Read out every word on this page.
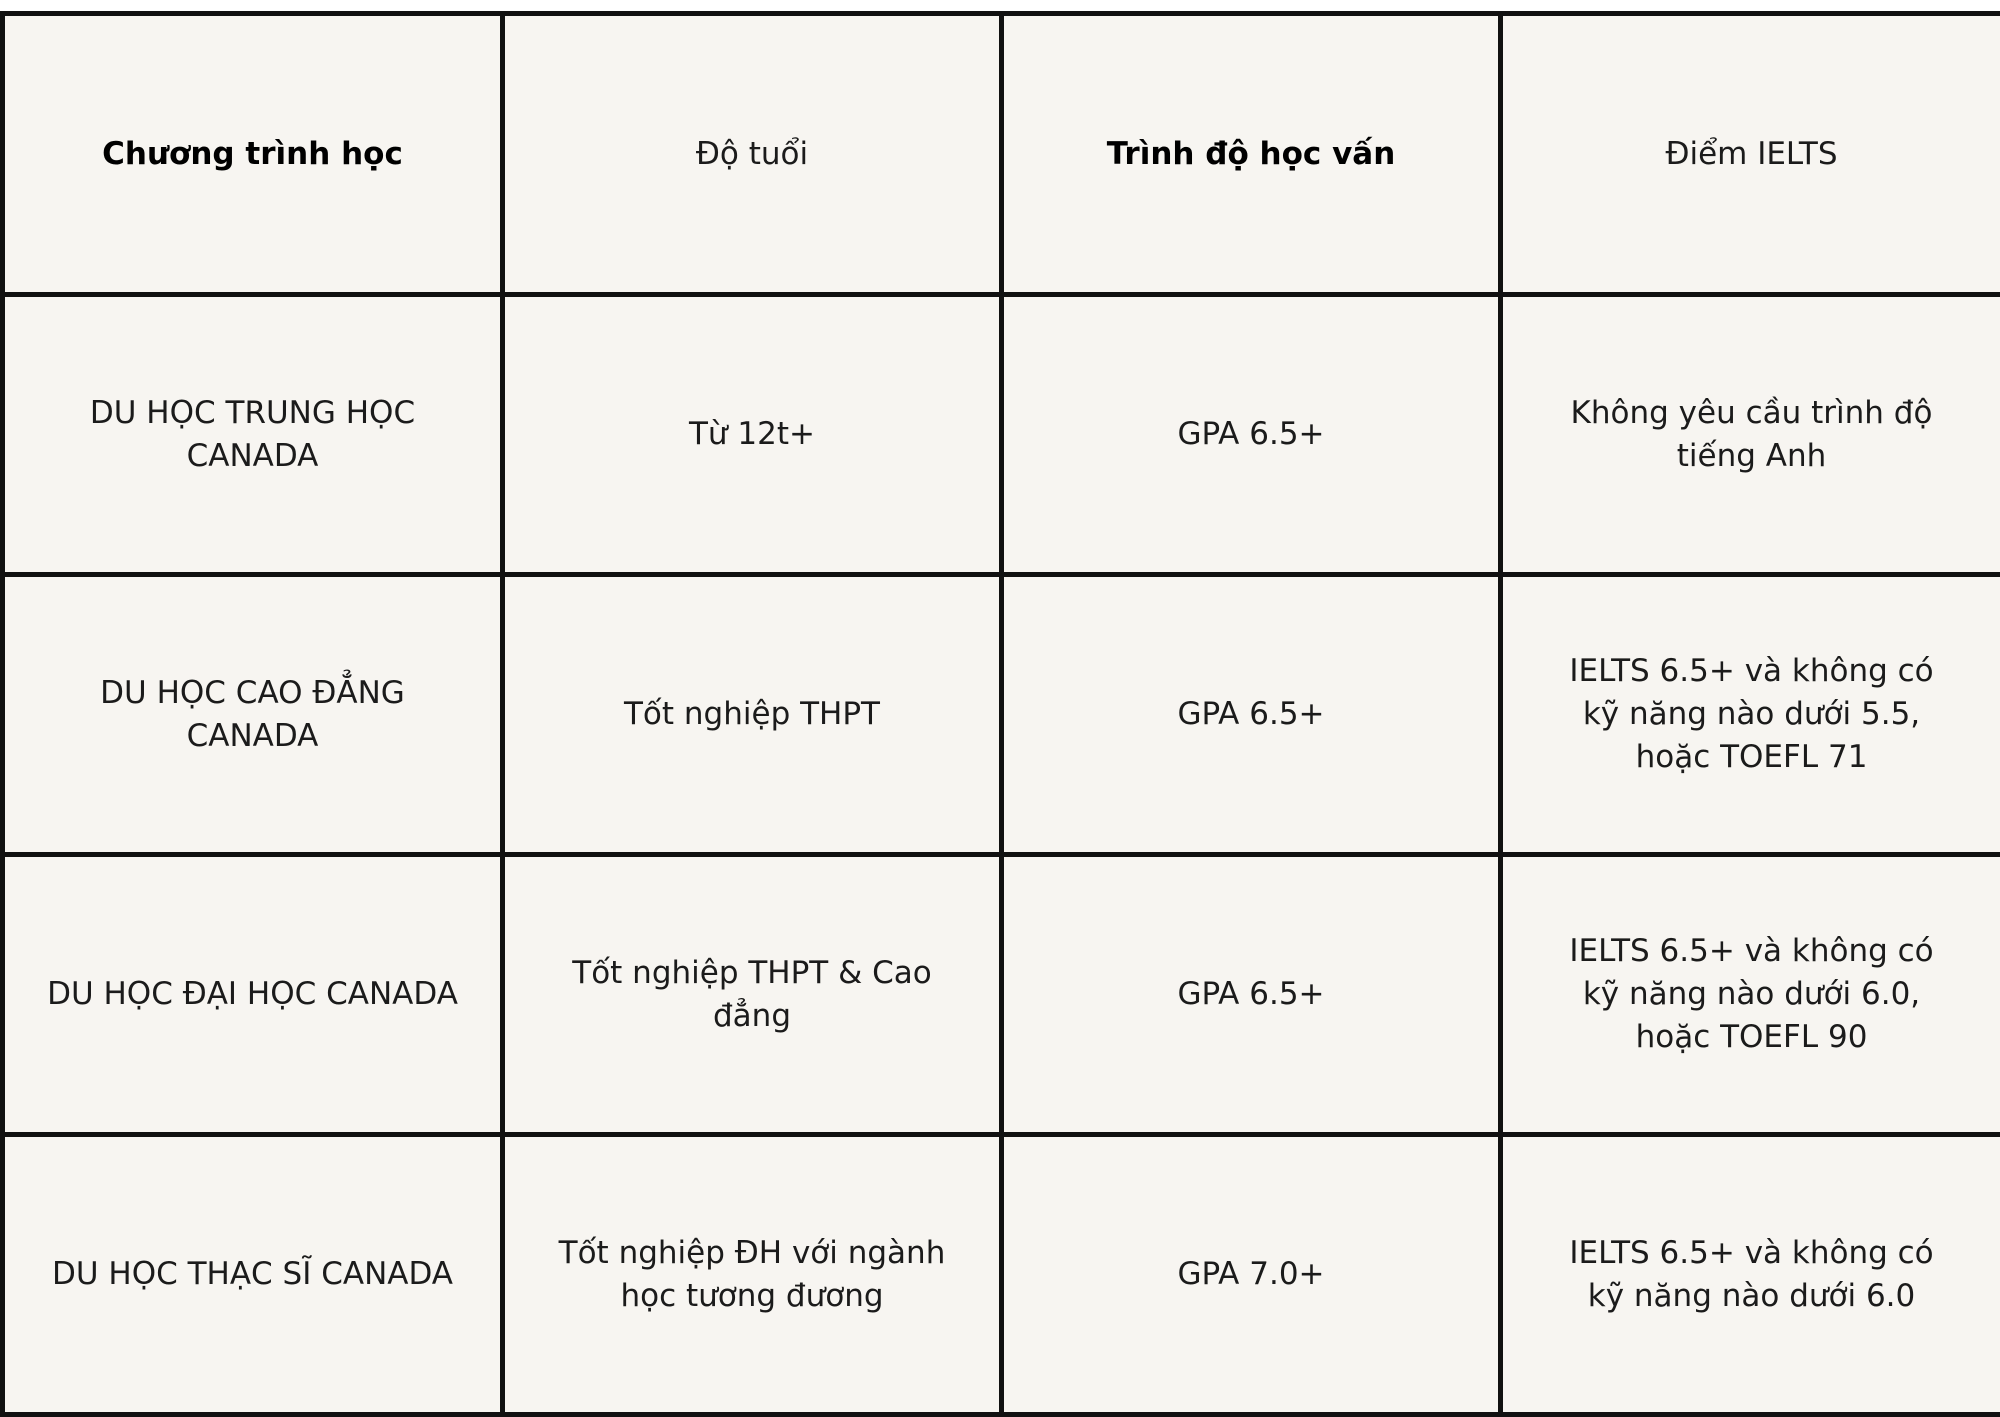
Chương trình học	Độ tuổi	Trình độ học vấn	Điểm IELTS
DU HỌC TRUNG HỌC CANADA	Từ 12t+	GPA 6.5+	Không yêu cầu trình độ tiếng Anh
DU HỌC CAO ĐẲNG CANADA	Tốt nghiệp THPT	GPA 6.5+	IELTS 6.5+ và không có kỹ năng nào dưới 5.5, hoặc TOEFL 71
DU HỌC ĐẠI HỌC CANADA	Tốt nghiệp THPT & Cao đẳng	GPA 6.5+	IELTS 6.5+ và không có kỹ năng nào dưới 6.0, hoặc TOEFL 90
DU HỌC THẠC SĨ CANADA	Tốt nghiệp ĐH với ngành học tương đương	GPA 7.0+	IELTS 6.5+ và không có kỹ năng nào dưới 6.0
